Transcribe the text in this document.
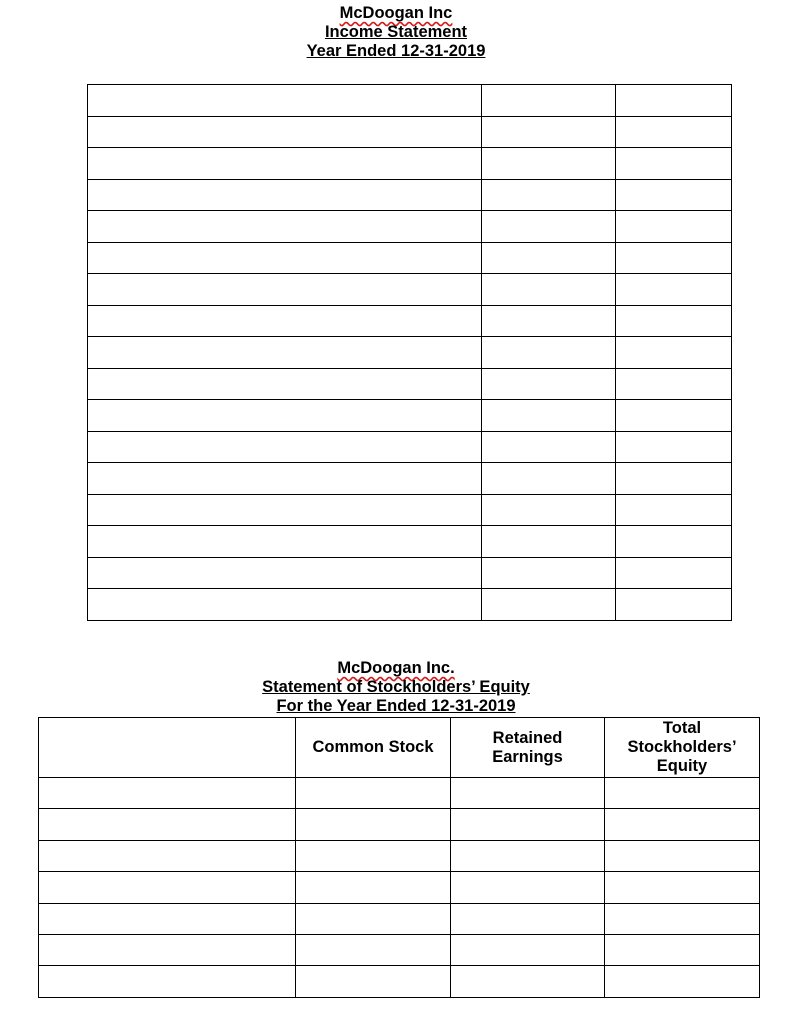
McDoogan Inc
Income Statement
Year Ended 12-31-2019

McDoogan Inc.
Statement of Stockholders’ Equity
For the Year Ended 12-31-2019
	Common Stock	Retained Earnings	Total Stockholders’ Equity
